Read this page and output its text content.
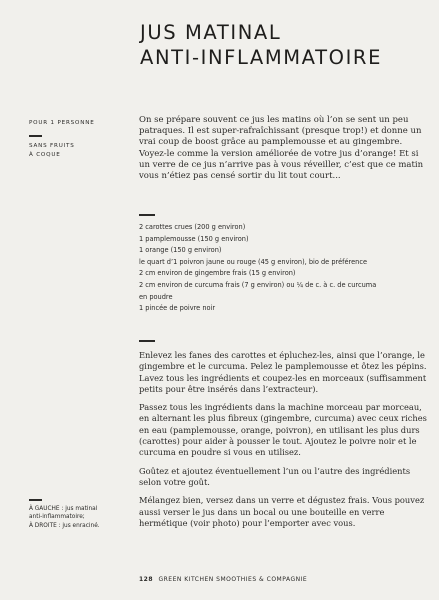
JUS MATINAL
ANTI-INFLAMMATOIRE
POUR 1 PERSONNE
SANS FRUITS
À COQUE

On se prépare souvent ce jus les matins où l’on se sent un peu patraques. Il est super-rafraîchissant (presque trop!) et donne un vrai coup de boost grâce au pamplemousse et au gingembre. Voyez-le comme la version améliorée de votre jus d’orange! Et si un verre de ce jus n’arrive pas à vous réveiller, c’est que ce matin vous n’étiez pas censé sortir du lit tout court...

2 carottes crues (200 g environ)
1 pamplemousse (150 g environ)
1 orange (150 g environ)
le quart d’1 poivron jaune ou rouge (45 g environ), bio de préférence
2 cm environ de gingembre frais (15 g environ)
2 cm environ de curcuma frais (7 g environ) ou ¼ de c. à c. de curcuma
en poudre
1 pincée de poivre noir

Enlevez les fanes des carottes et épluchez-les, ainsi que l’orange, le gingembre et le curcuma. Pelez le pamplemousse et ôtez les pépins. Lavez tous les ingrédients et coupez-les en morceaux (suffisamment petits pour être insérés dans l’extracteur).

Passez tous les ingrédients dans la machine morceau par morceau, en alternant les plus fibreux (gingembre, curcuma) avec ceux riches en eau (pamplemousse, orange, poivron), en utilisant les plus durs (carottes) pour aider à pousser le tout. Ajoutez le poivre noir et le curcuma en poudre si vous en utilisez.

Goûtez et ajoutez éventuellement l’un ou l’autre des ingrédients selon votre goût.

Mélangez bien, versez dans un verre et dégustez frais. Vous pouvez aussi verser le jus dans un bocal ou une bouteille en verre hermétique (voir photo) pour l’emporter avec vous.

À GAUCHE : jus matinal
anti-inflammatoire;
À DROITE : jus enraciné.
128 GREEN KITCHEN SMOOTHIES & COMPAGNIE
